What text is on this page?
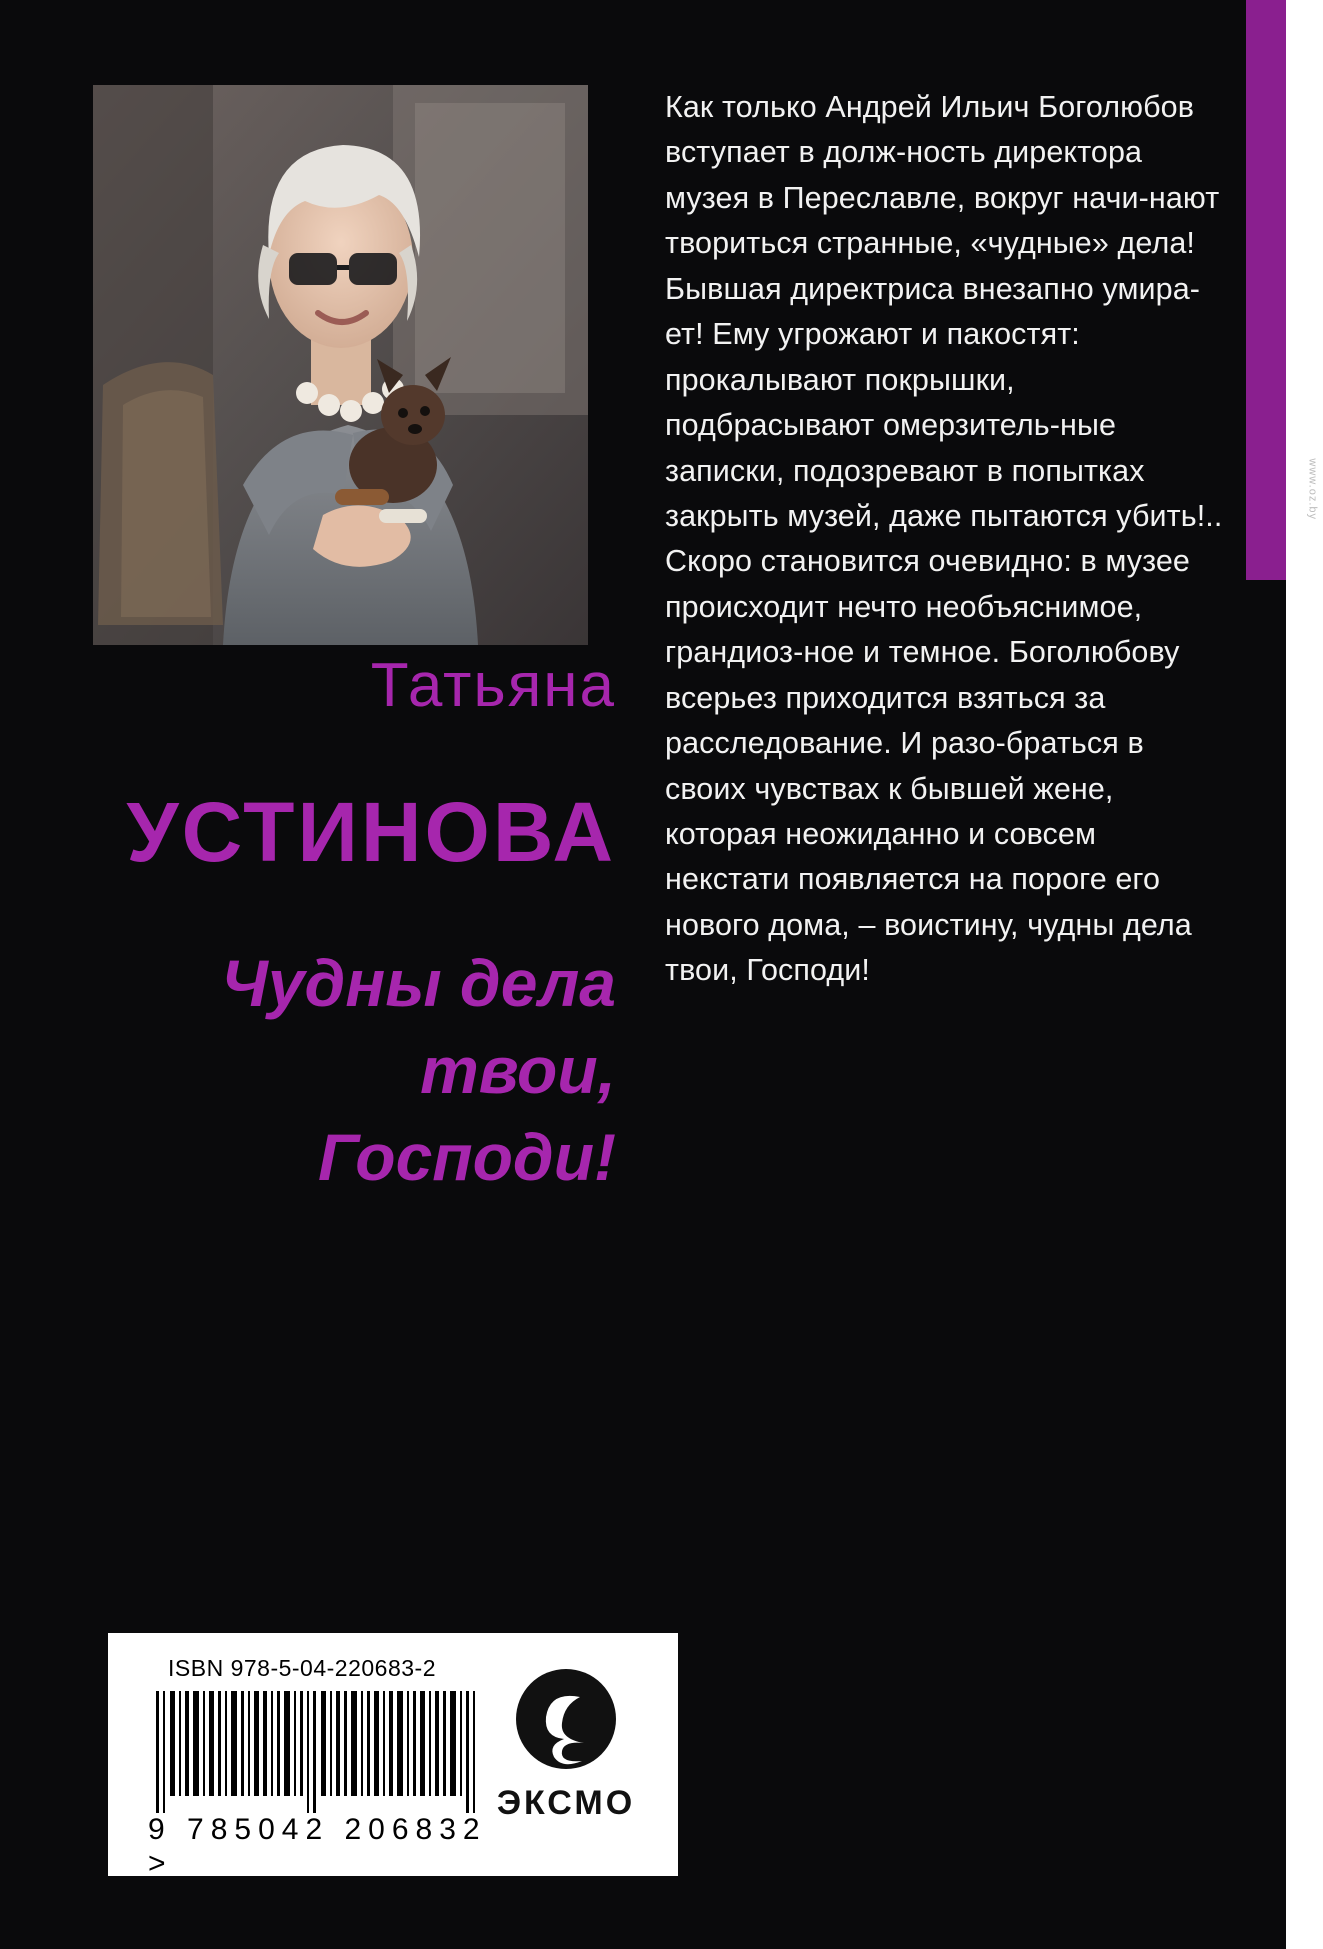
Татьяна
УСТИНОВА
Чудны дела
твои,
Господи!
Как только Андрей Ильич Боголюбов вступает в долж-ность директора музея в Переславле, вокруг начи-нают твориться странные, «чудные» дела! Бывшая директриса внезапно умира-ет! Ему угрожают и пакостят: прокалывают покрышки, подбрасывают омерзитель-ные записки, подозревают в попытках закрыть музей, даже пытаются убить!.. Скоро становится очевидно: в музее происходит нечто необъяснимое, грандиоз-ное и темное. Боголюбову всерьез приходится взяться за расследование. И разо-браться в своих чувствах к бывшей жене, которая неожиданно и совсем некстати появляется на пороге его нового дома, – воистину, чудны дела твои, Господи!
ISBN 978-5-04-220683-2
9 785042 206832 >
ЭКСМО
www.oz.by
